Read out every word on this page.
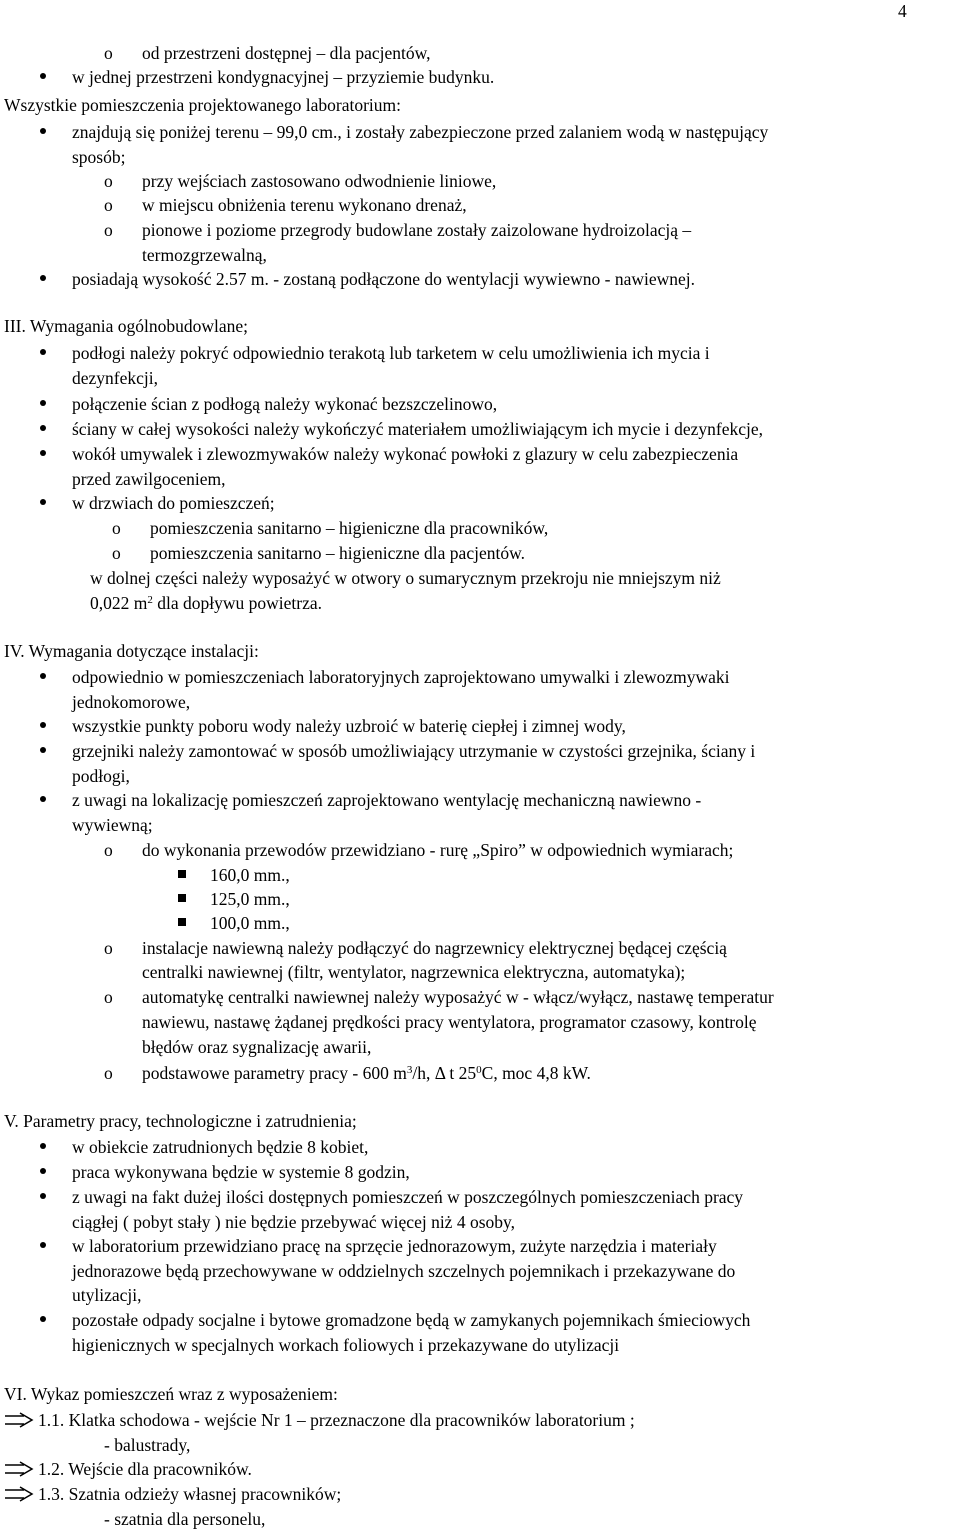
4
o od przestrzeni dostępnej – dla pacjentów,
w jednej przestrzeni kondygnacyjnej – przyziemie budynku.
Wszystkie pomieszczenia projektowanego laboratorium:
znajdują się poniżej terenu – 99,0 cm., i zostały zabezpieczone przed zalaniem wodą w następujący
sposób;
o przy wejściach zastosowano odwodnienie liniowe,
o w miejscu obniżenia terenu wykonano drenaż,
o pionowe i poziome przegrody budowlane zostały zaizolowane hydroizolacją –
termozgrzewalną,
posiadają wysokość 2.57 m. - zostaną podłączone do wentylacji wywiewno - nawiewnej.
III. Wymagania ogólnobudowlane;
podłogi należy pokryć odpowiednio terakotą lub tarketem w celu umożliwienia ich mycia i
dezynfekcji,
połączenie ścian z podłogą należy wykonać bezszczelinowo,
ściany w całej wysokości należy wykończyć materiałem umożliwiającym ich mycie i dezynfekcje,
wokół umywalek i zlewozmywaków należy wykonać powłoki z glazury w celu zabezpieczenia
przed zawilgoceniem,
w drzwiach do pomieszczeń;
o pomieszczenia sanitarno – higieniczne dla pracowników,
o pomieszczenia sanitarno – higieniczne dla pacjentów.
w dolnej części należy wyposażyć w otwory o sumarycznym przekroju nie mniejszym niż
0,022 $m^2$ dla dopływu powietrza.
IV. Wymagania dotyczące instalacji:
odpowiednio w pomieszczeniach laboratoryjnych zaprojektowano umywalki i zlewozmywaki
jednokomorowe,
wszystkie punkty poboru wody należy uzbroić w baterię ciepłej i zimnej wody,
grzejniki należy zamontować w sposób umożliwiający utrzymanie w czystości grzejnika, ściany i
podłogi,
z uwagi na lokalizację pomieszczeń zaprojektowano wentylację mechaniczną nawiewno -
wywiewną;
o do wykonania przewodów przewidziano - rurę „Spiro” w odpowiednich wymiarach;
160,0 mm.,
125,0 mm.,
100,0 mm.,
o instalacje nawiewną należy podłączyć do nagrzewnicy elektrycznej będącej częścią
centralki nawiewnej (filtr, wentylator, nagrzewnica elektryczna, automatyka);
o automatykę centralki nawiewnej należy wyposażyć w - włącz/wyłącz, nastawę temperatur
nawiewu, nastawę żądanej prędkości pracy wentylatora, programator czasowy, kontrolę
błędów oraz sygnalizację awarii,
o podstawowe parametry pracy - 600 $m^3/h$, Δ t $25^0C$, moc 4,8 kW.
V. Parametry pracy, technologiczne i zatrudnienia;
w obiekcie zatrudnionych będzie 8 kobiet,
praca wykonywana będzie w systemie 8 godzin,
z uwagi na fakt dużej ilości dostępnych pomieszczeń w poszczególnych pomieszczeniach pracy
ciągłej ( pobyt stały ) nie będzie przebywać więcej niż 4 osoby,
w laboratorium przewidziano pracę na sprzęcie jednorazowym, zużyte narzędzia i materiały
jednorazowe będą przechowywane w oddzielnych szczelnych pojemnikach i przekazywane do
utylizacji,
pozostałe odpady socjalne i bytowe gromadzone będą w zamykanych pojemnikach śmieciowych
higienicznych w specjalnych workach foliowych i przekazywane do utylizacji
VI. Wykaz pomieszczeń wraz z wyposażeniem:
1.1. Klatka schodowa - wejście Nr 1 – przeznaczone dla pracowników laboratorium ;
- balustrady,
1.2. Wejście dla pracowników.
1.3. Szatnia odzieży własnej pracowników;
- szatnia dla personelu,
